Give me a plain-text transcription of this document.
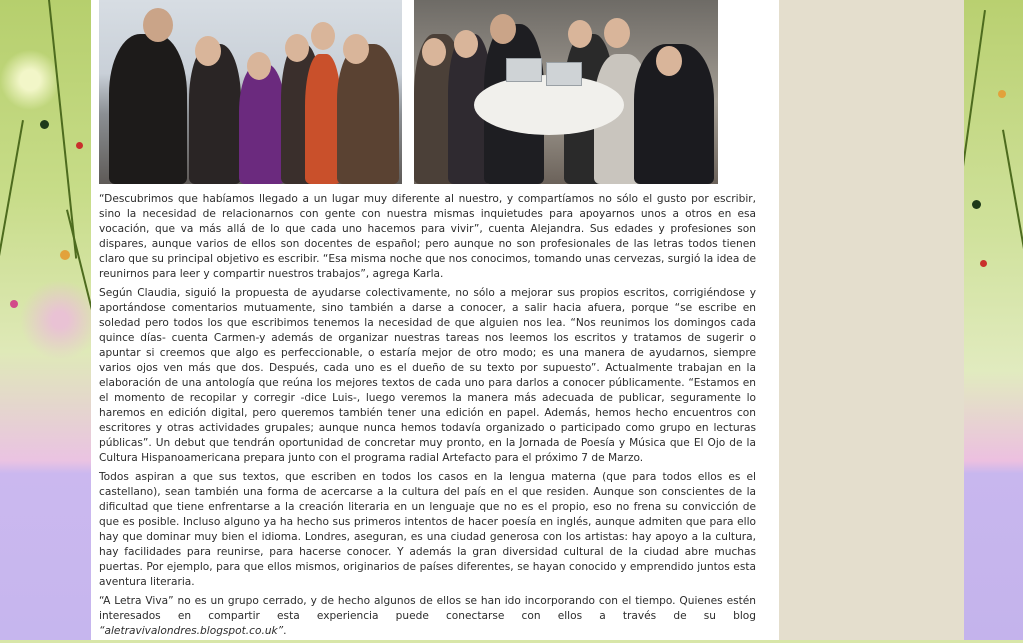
“Descubrimos que habíamos llegado a un lugar muy diferente al nuestro, y compartíamos no sólo el gusto por escribir, sino la necesidad de relacionarnos con gente con nuestra mismas inquietudes para apoyarnos unos a otros en esa vocación, que va más allá de lo que cada uno hacemos para vivir”, cuenta Alejandra. Sus edades y profesiones son dispares, aunque varios de ellos son docentes de español; pero aunque no son profesionales de las letras todos tienen claro que su principal objetivo es escribir. “Esa misma noche que nos conocimos, tomando unas cervezas, surgió la idea de reunirnos para leer y compartir nuestros trabajos”, agrega Karla.

Según Claudia, siguió la propuesta de ayudarse colectivamente, no sólo a mejorar sus propios escritos, corrigiéndose y aportándose comentarios mutuamente, sino también a darse a conocer, a salir hacia afuera, porque “se escribe en soledad pero todos los que escribimos tenemos la necesidad de que alguien nos lea. “Nos reunimos los domingos cada quince días- cuenta Carmen-y además de organizar nuestras tareas nos leemos los escritos y tratamos de sugerir o apuntar si creemos que algo es perfeccionable, o estaría mejor de otro modo; es una manera de ayudarnos, siempre varios ojos ven más que dos. Después, cada uno es el dueño de su texto por supuesto”. Actualmente trabajan en la elaboración de una antología que reúna los mejores textos de cada uno para darlos a conocer públicamente. “Estamos en el momento de recopilar y corregir -dice Luis-, luego veremos la manera más adecuada de publicar, seguramente lo haremos en edición digital, pero queremos también tener una edición en papel. Además, hemos hecho encuentros con escritores y otras actividades grupales; aunque nunca hemos todavía organizado o participado como grupo en lecturas públicas”. Un debut que tendrán oportunidad de concretar muy pronto, en la Jornada de Poesía y Música que El Ojo de la Cultura Hispanoamericana prepara junto con el programa radial Artefacto para el próximo 7 de Marzo.

Todos aspiran a que sus textos, que escriben en todos los casos en la lengua materna (que para todos ellos es el castellano), sean también una forma de acercarse a la cultura del país en el que residen. Aunque son conscientes de la dificultad que tiene enfrentarse a la creación literaria en un lenguaje que no es el propio, eso no frena su convicción de que es posible. Incluso alguno ya ha hecho sus primeros intentos de hacer poesía en inglés, aunque admiten que para ello hay que dominar muy bien el idioma. Londres, aseguran, es una ciudad generosa con los artistas: hay apoyo a la cultura, hay facilidades para reunirse, para hacerse conocer. Y además la gran diversidad cultural de la ciudad abre muchas puertas. Por ejemplo, para que ellos mismos, originarios de países diferentes, se hayan conocido y emprendido juntos esta aventura literaria.

“A Letra Viva” no es un grupo cerrado, y de hecho algunos de ellos se han ido incorporando con el tiempo. Quienes estén interesados en compartir esta experiencia puede conectarse con ellos a través de su blog “aletravivalondres.blogspot.co.uk”.
